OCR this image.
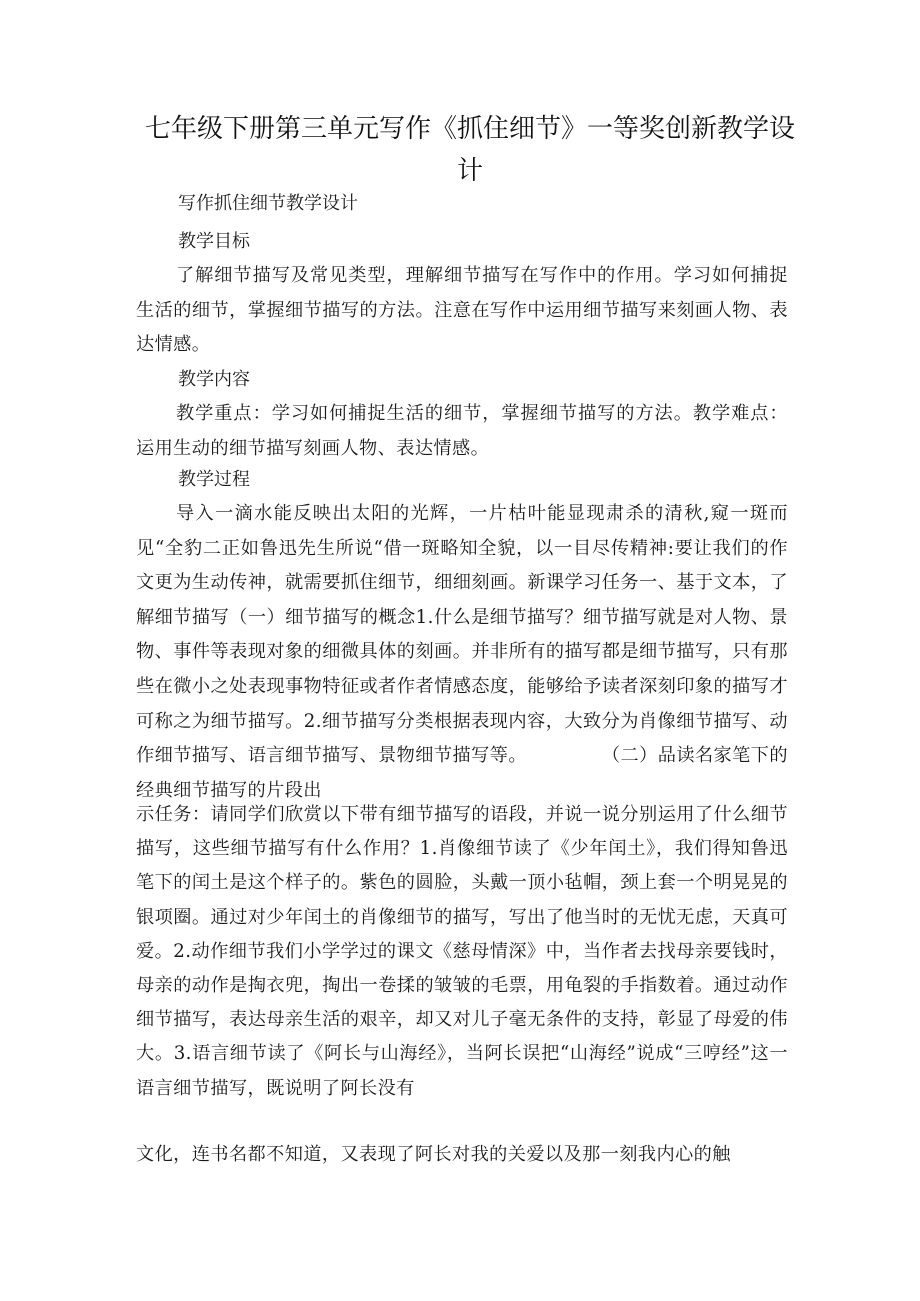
七年级下册第三单元写作《抓住细节》一等奖创新教学设计

写作抓住细节教学设计

教学目标

了解细节描写及常见类型，理解细节描写在写作中的作用。学习如何捕捉生活的细节，掌握细节描写的方法。注意在写作中运用细节描写来刻画人物、表达情感。

教学内容

教学重点：学习如何捕捉生活的细节，掌握细节描写的方法。教学难点：运用生动的细节描写刻画人物、表达情感。

教学过程

导入一滴水能反映出太阳的光辉，一片枯叶能显现肃杀的清秋,窥一斑而见“全豹二正如鲁迅先生所说“借一斑略知全貌，以一目尽传精神:要让我们的作文更为生动传神，就需要抓住细节，细细刻画。新课学习任务一、基于文本，了解细节描写（一）细节描写的概念1.什么是细节描写？细节描写就是对人物、景物、事件等表现对象的细微具体的刻画。并非所有的描写都是细节描写，只有那些在微小之处表现事物特征或者作者情感态度，能够给予读者深刻印象的描写才可称之为细节描写。2.细节描写分类根据表现内容，大致分为肖像细节描写、动作细节描写、语言细节描写、景物细节描写等。　　　　　（二）品读名家笔下的经典细节描写的片段出

示任务：请同学们欣赏以下带有细节描写的语段，并说一说分别运用了什么细节描写，这些细节描写有什么作用？1.肖像细节读了《少年闰土》，我们得知鲁迅笔下的闰土是这个样子的。紫色的圆脸，头戴一顶小毡帽，颈上套一个明晃晃的银项圈。通过对少年闰土的肖像细节的描写，写出了他当时的无忧无虑，天真可爱。2.动作细节我们小学学过的课文《慈母情深》中，当作者去找母亲要钱时，母亲的动作是掏衣兜，掏出一卷揉的皱皱的毛票，用龟裂的手指数着。通过动作细节描写，表达母亲生活的艰辛，却又对儿子毫无条件的支持，彰显了母爱的伟大。3.语言细节读了《阿长与山海经》，当阿长误把“山海经”说成“三哼经”这一语言细节描写，既说明了阿长没有

文化，连书名都不知道，又表现了阿长对我的关爱以及那一刻我内心的触
